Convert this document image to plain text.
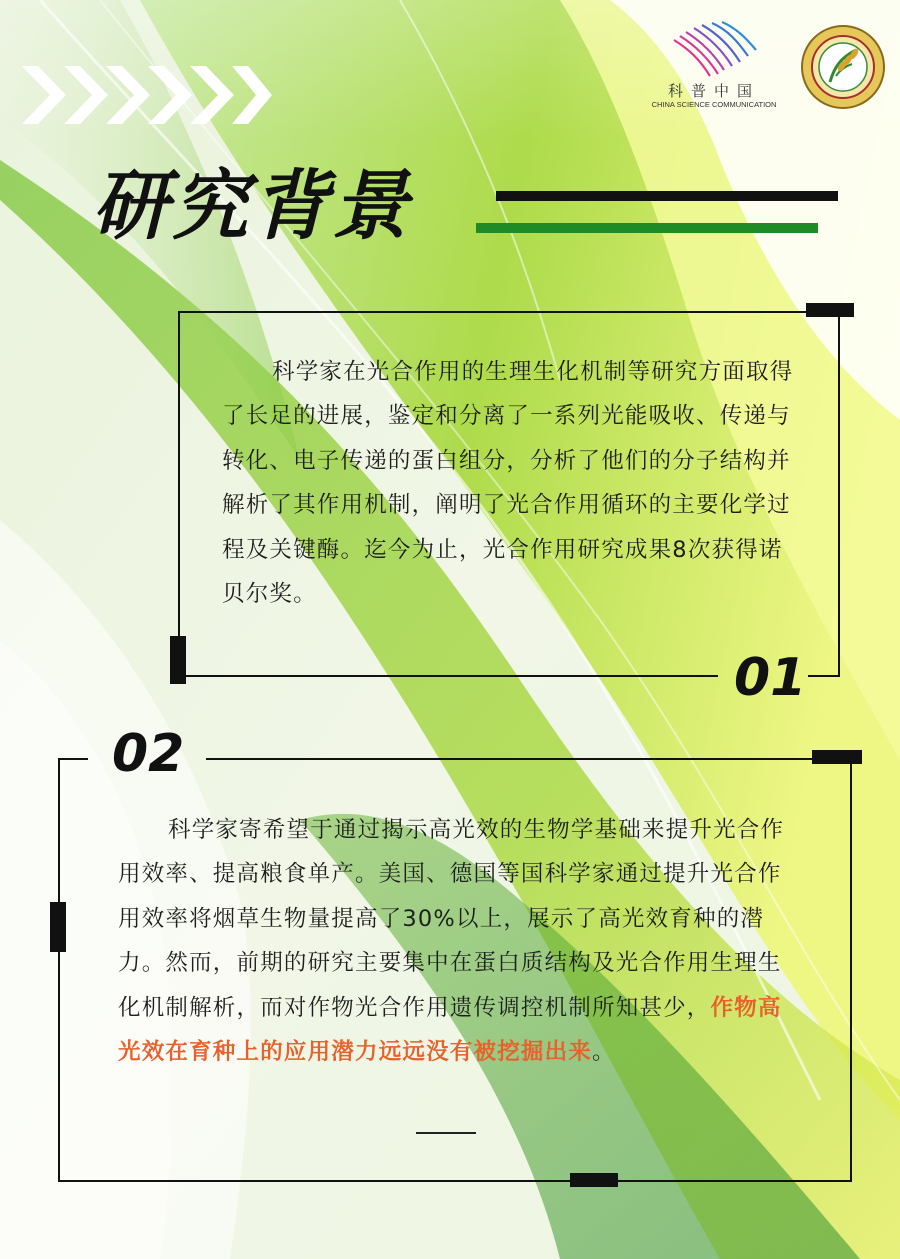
科普中国
CHINA SCIENCE COMMUNICATION
研究背景
科学家在光合作用的生理生化机制等研究方面取得了长足的进展，鉴定和分离了一系列光能吸收、传递与转化、电子传递的蛋白组分，分析了他们的分子结构并解析了其作用机制，阐明了光合作用循环的主要化学过程及关键酶。迄今为止，光合作用研究成果8次获得诺贝尔奖。
01
02
科学家寄希望于通过揭示高光效的生物学基础来提升光合作用效率、提高粮食单产。美国、德国等国科学家通过提升光合作用效率将烟草生物量提高了30%以上，展示了高光效育种的潜力。然而，前期的研究主要集中在蛋白质结构及光合作用生理生化机制解析，而对作物光合作用遗传调控机制所知甚少，作物高光效在育种上的应用潜力远远没有被挖掘出来。
